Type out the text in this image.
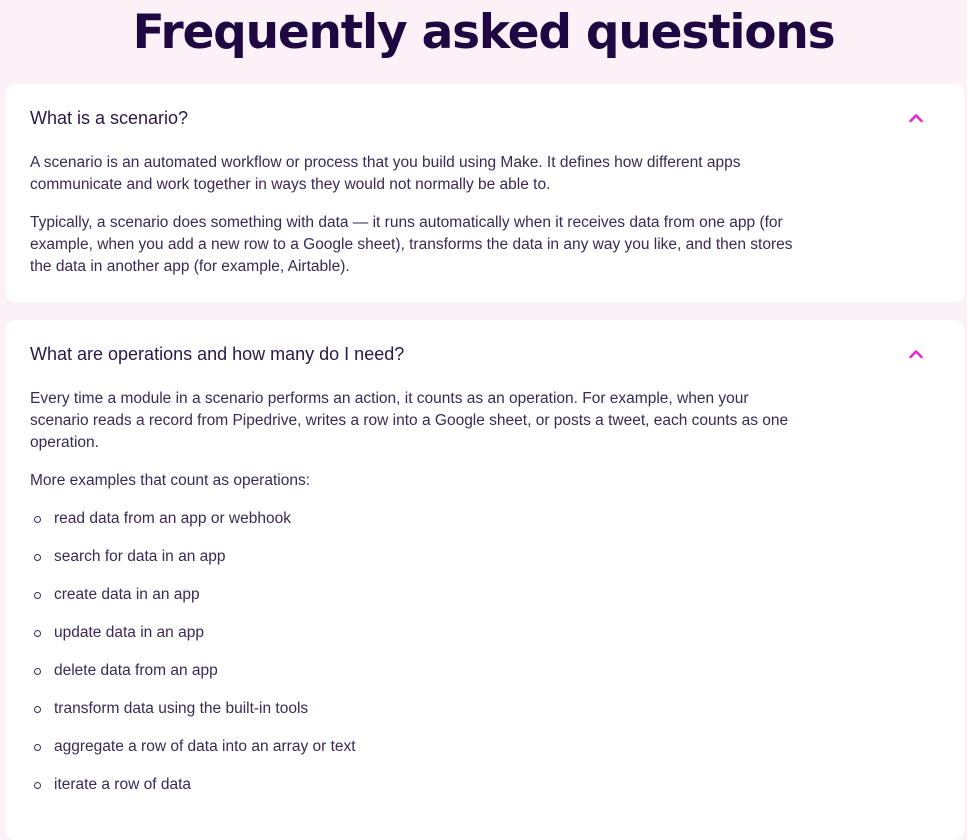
Frequently asked questions
What is a scenario?

A scenario is an automated workflow or process that you build using Make. It defines how different apps communicate and work together in ways they would not normally be able to.

Typically, a scenario does something with data — it runs automatically when it receives data from one app (for example, when you add a new row to a Google sheet), transforms the data in any way you like, and then stores the data in another app (for example, Airtable).

What are operations and how many do I need?

Every time a module in a scenario performs an action, it counts as an operation. For example, when your scenario reads a record from Pipedrive, writes a row into a Google sheet, or posts a tweet, each counts as one operation.

More examples that count as operations:

read data from an app or webhook
search for data in an app
create data in an app
update data in an app
delete data from an app
transform data using the built-in tools
aggregate a row of data into an array or text
iterate a row of data
